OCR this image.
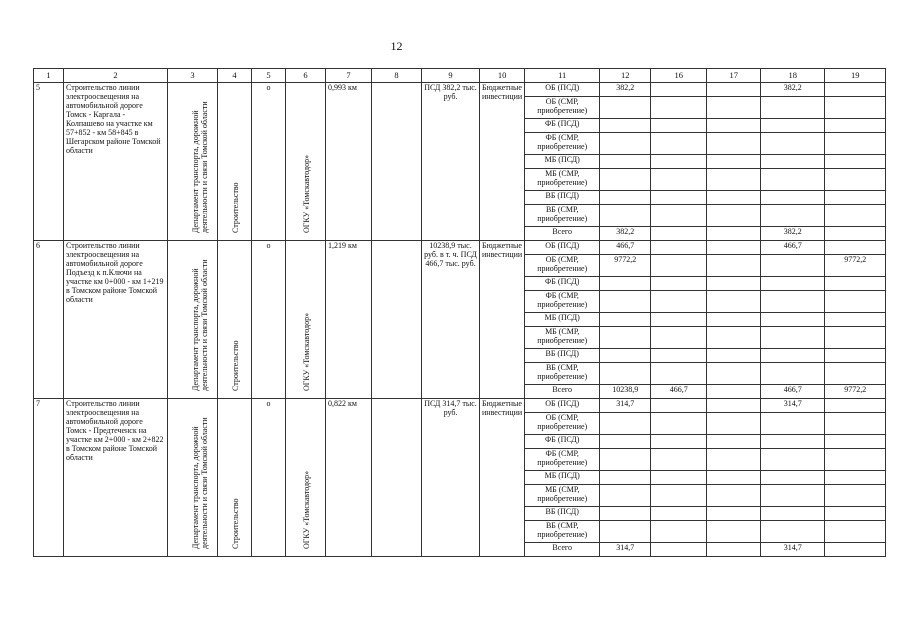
12
1	2	3	4	5	6	7	8	9	10	11	12	16	17	18	19
5	Строительство линии электроосвещения на автомобильной дороге Томск - Каргала - Колпашево на участке км 57+852 - км 58+845 в Шегарском районе Томской области	Департамент транспорта, дорожной деятельности и связи Томской области	Строительство	о	ОГКУ «Томскавтодор»	0,993 км		ПСД 382,2 тыс. руб.	Бюджетные инвестиции	ОБ (ПСД)	382,2			382,2	
										ОБ (СМР, приобретение)					
										ФБ (ПСД)					
										ФБ (СМР, приобретение)					
										МБ (ПСД)					
										МБ (СМР, приобретение)					
										ВБ (ПСД)					
										ВБ (СМР, приобретение)					
										Всего	382,2			382,2	
6	Строительство линии электроосвещения на автомобильной дороге Подъезд к п.Ключи на участке км 0+000 - км 1+219 в Томском районе Томской области	Департамент транспорта, дорожной деятельности и связи Томской области	Строительство	о	ОГКУ «Томскавтодор»	1,219 км		10238,9 тыс. руб. в т. ч. ПСД 466,7 тыс. руб.	Бюджетные инвестиции	ОБ (ПСД)	466,7			466,7	
										ОБ (СМР, приобретение)	9772,2				9772,2
										ФБ (ПСД)					
										ФБ (СМР, приобретение)					
										МБ (ПСД)					
										МБ (СМР, приобретение)					
										ВБ (ПСД)					
										ВБ (СМР, приобретение)					
										Всего	10238,9	466,7		466,7	9772,2
7	Строительство линии электроосвещения на автомобильной дороге Томск - Предтеченск на участке км 2+000 - км 2+822 в Томском районе Томской области	Департамент транспорта, дорожной деятельности и связи Томской области	Строительство	о	ОГКУ «Томскавтодор»	0,822 км		ПСД 314,7 тыс. руб.	Бюджетные инвестиции	ОБ (ПСД)	314,7			314,7	
										ОБ (СМР, приобретение)					
										ФБ (ПСД)					
										ФБ (СМР, приобретение)					
										МБ (ПСД)					
										МБ (СМР, приобретение)					
										ВБ (ПСД)					
										ВБ (СМР, приобретение)					
										Всего	314,7			314,7	
